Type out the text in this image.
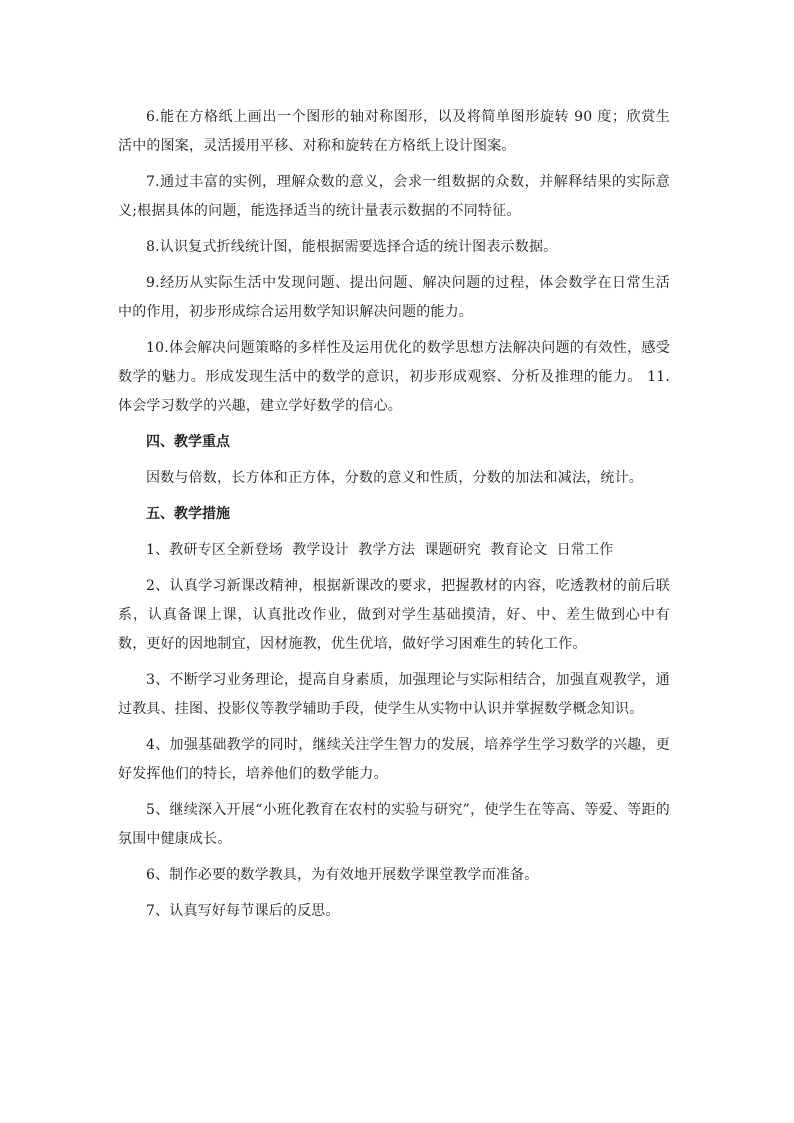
6.能在方格纸上画出一个图形的轴对称图形，以及将简单图形旋转 90 度；欣赏生活中的图案，灵活援用平移、对称和旋转在方格纸上设计图案。

7.通过丰富的实例，理解众数的意义，会求一组数据的众数，并解释结果的实际意义;根据具体的问题，能选择适当的统计量表示数据的不同特征。

8.认识复式折线统计图，能根据需要选择合适的统计图表示数据。

9.经历从实际生活中发现问题、提出问题、解决问题的过程，体会数学在日常生活中的作用，初步形成综合运用数学知识解决问题的能力。

10.体会解决问题策略的多样性及运用优化的数学思想方法解决问题的有效性，感受数学的魅力。形成发现生活中的数学的意识，初步形成观察、分析及推理的能力。 11.体会学习数学的兴趣，建立学好数学的信心。

四、教学重点

因数与倍数，长方体和正方体，分数的意义和性质，分数的加法和减法，统计。

五、教学措施

1、教研专区全新登场  教学设计  教学方法  课题研究  教育论文  日常工作

2、认真学习新课改精神，根据新课改的要求，把握教材的内容，吃透教材的前后联系，认真备课上课，认真批改作业，做到对学生基础摸清，好、中、差生做到心中有数，更好的因地制宜，因材施教，优生优培，做好学习困难生的转化工作。

3、不断学习业务理论，提高自身素质，加强理论与实际相结合，加强直观教学，通过教具、挂图、投影仪等教学辅助手段，使学生从实物中认识并掌握数学概念知识。

4、加强基础教学的同时，继续关注学生智力的发展，培养学生学习数学的兴趣，更好发挥他们的特长，培养他们的数学能力。

5、继续深入开展“小班化教育在农村的实验与研究”，使学生在等高、等爱、等距的氛围中健康成长。

6、制作必要的数学教具，为有效地开展数学课堂教学而准备。

7、认真写好每节课后的反思。
